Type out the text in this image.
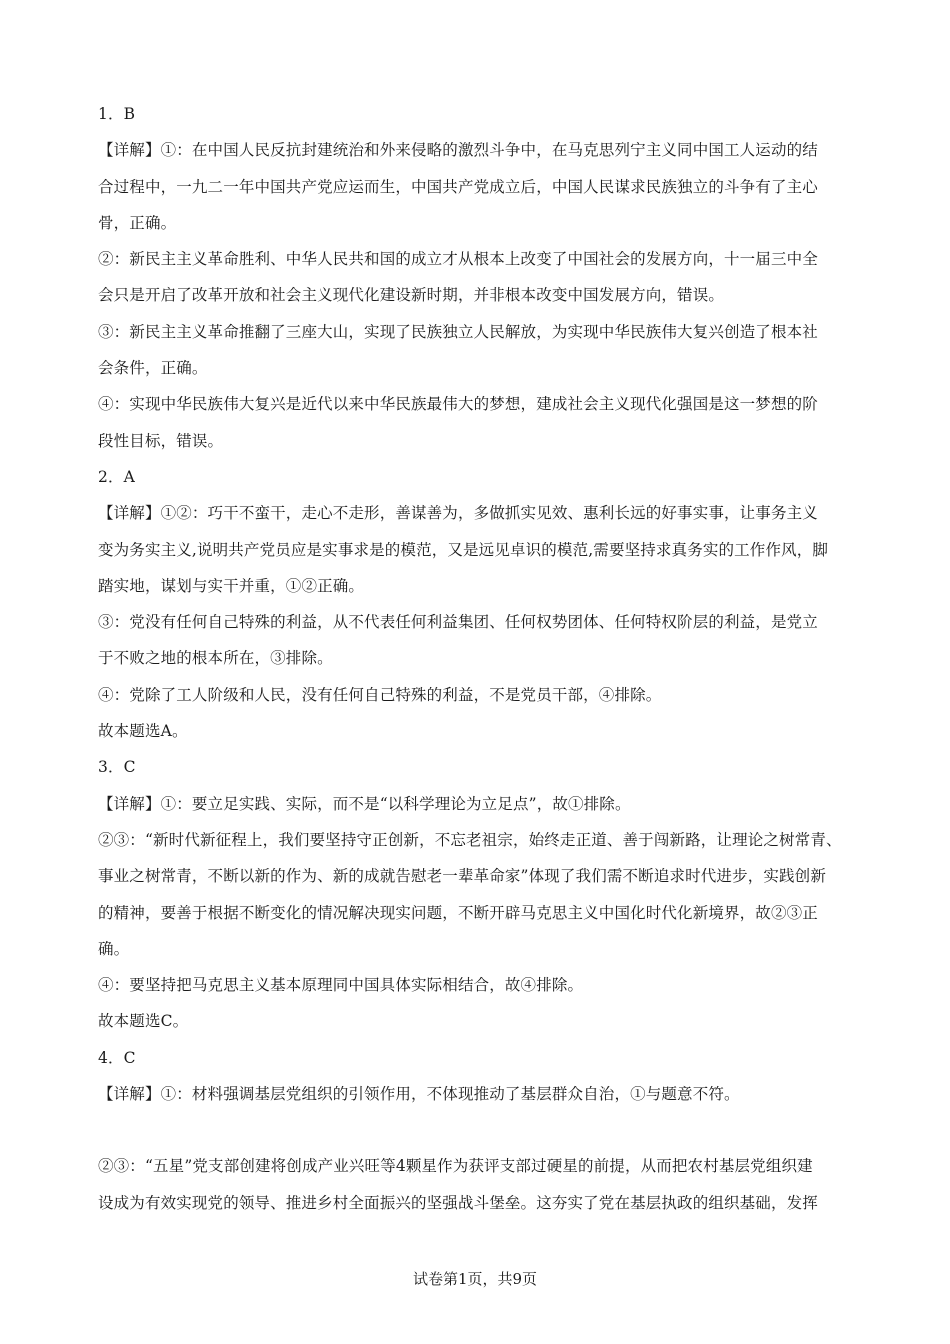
1．B
【详解】①：在中国人民反抗封建统治和外来侵略的激烈斗争中，在马克思列宁主义同中国工人运动的结
合过程中，一九二一年中国共产党应运而生，中国共产党成立后，中国人民谋求民族独立的斗争有了主心
骨，正确。
②：新民主主义革命胜利、中华人民共和国的成立才从根本上改变了中国社会的发展方向，十一届三中全
会只是开启了改革开放和社会主义现代化建设新时期，并非根本改变中国发展方向，错误。
③：新民主主义革命推翻了三座大山，实现了民族独立人民解放，为实现中华民族伟大复兴创造了根本社
会条件，正确。
④：实现中华民族伟大复兴是近代以来中华民族最伟大的梦想，建成社会主义现代化强国是这一梦想的阶
段性目标，错误。
2．A
【详解】①②：巧干不蛮干，走心不走形，善谋善为，多做抓实见效、惠利长远的好事实事，让事务主义
变为务实主义,说明共产党员应是实事求是的模范，又是远见卓识的模范,需要坚持求真务实的工作作风，脚
踏实地，谋划与实干并重，①②正确。
③：党没有任何自己特殊的利益，从不代表任何利益集团、任何权势团体、任何特权阶层的利益，是党立
于不败之地的根本所在，③排除。
④：党除了工人阶级和人民，没有任何自己特殊的利益，不是党员干部，④排除。
故本题选A。
3．C
【详解】①：要立足实践、实际，而不是“以科学理论为立足点”，故①排除。
②③：“新时代新征程上，我们要坚持守正创新，不忘老祖宗，始终走正道、善于闯新路，让理论之树常青、
事业之树常青，不断以新的作为、新的成就告慰老一辈革命家”体现了我们需不断追求时代进步，实践创新
的精神，要善于根据不断变化的情况解决现实问题，不断开辟马克思主义中国化时代化新境界，故②③正
确。
④：要坚持把马克思主义基本原理同中国具体实际相结合，故④排除。
故本题选C。
4．C
【详解】①：材料强调基层党组织的引领作用，不体现推动了基层群众自治，①与题意不符。
②③：“五星”党支部创建将创成产业兴旺等4颗星作为获评支部过硬星的前提，从而把农村基层党组织建
设成为有效实现党的领导、推进乡村全面振兴的坚强战斗堡垒。这夯实了党在基层执政的组织基础，发挥
试卷第1页，共9页
